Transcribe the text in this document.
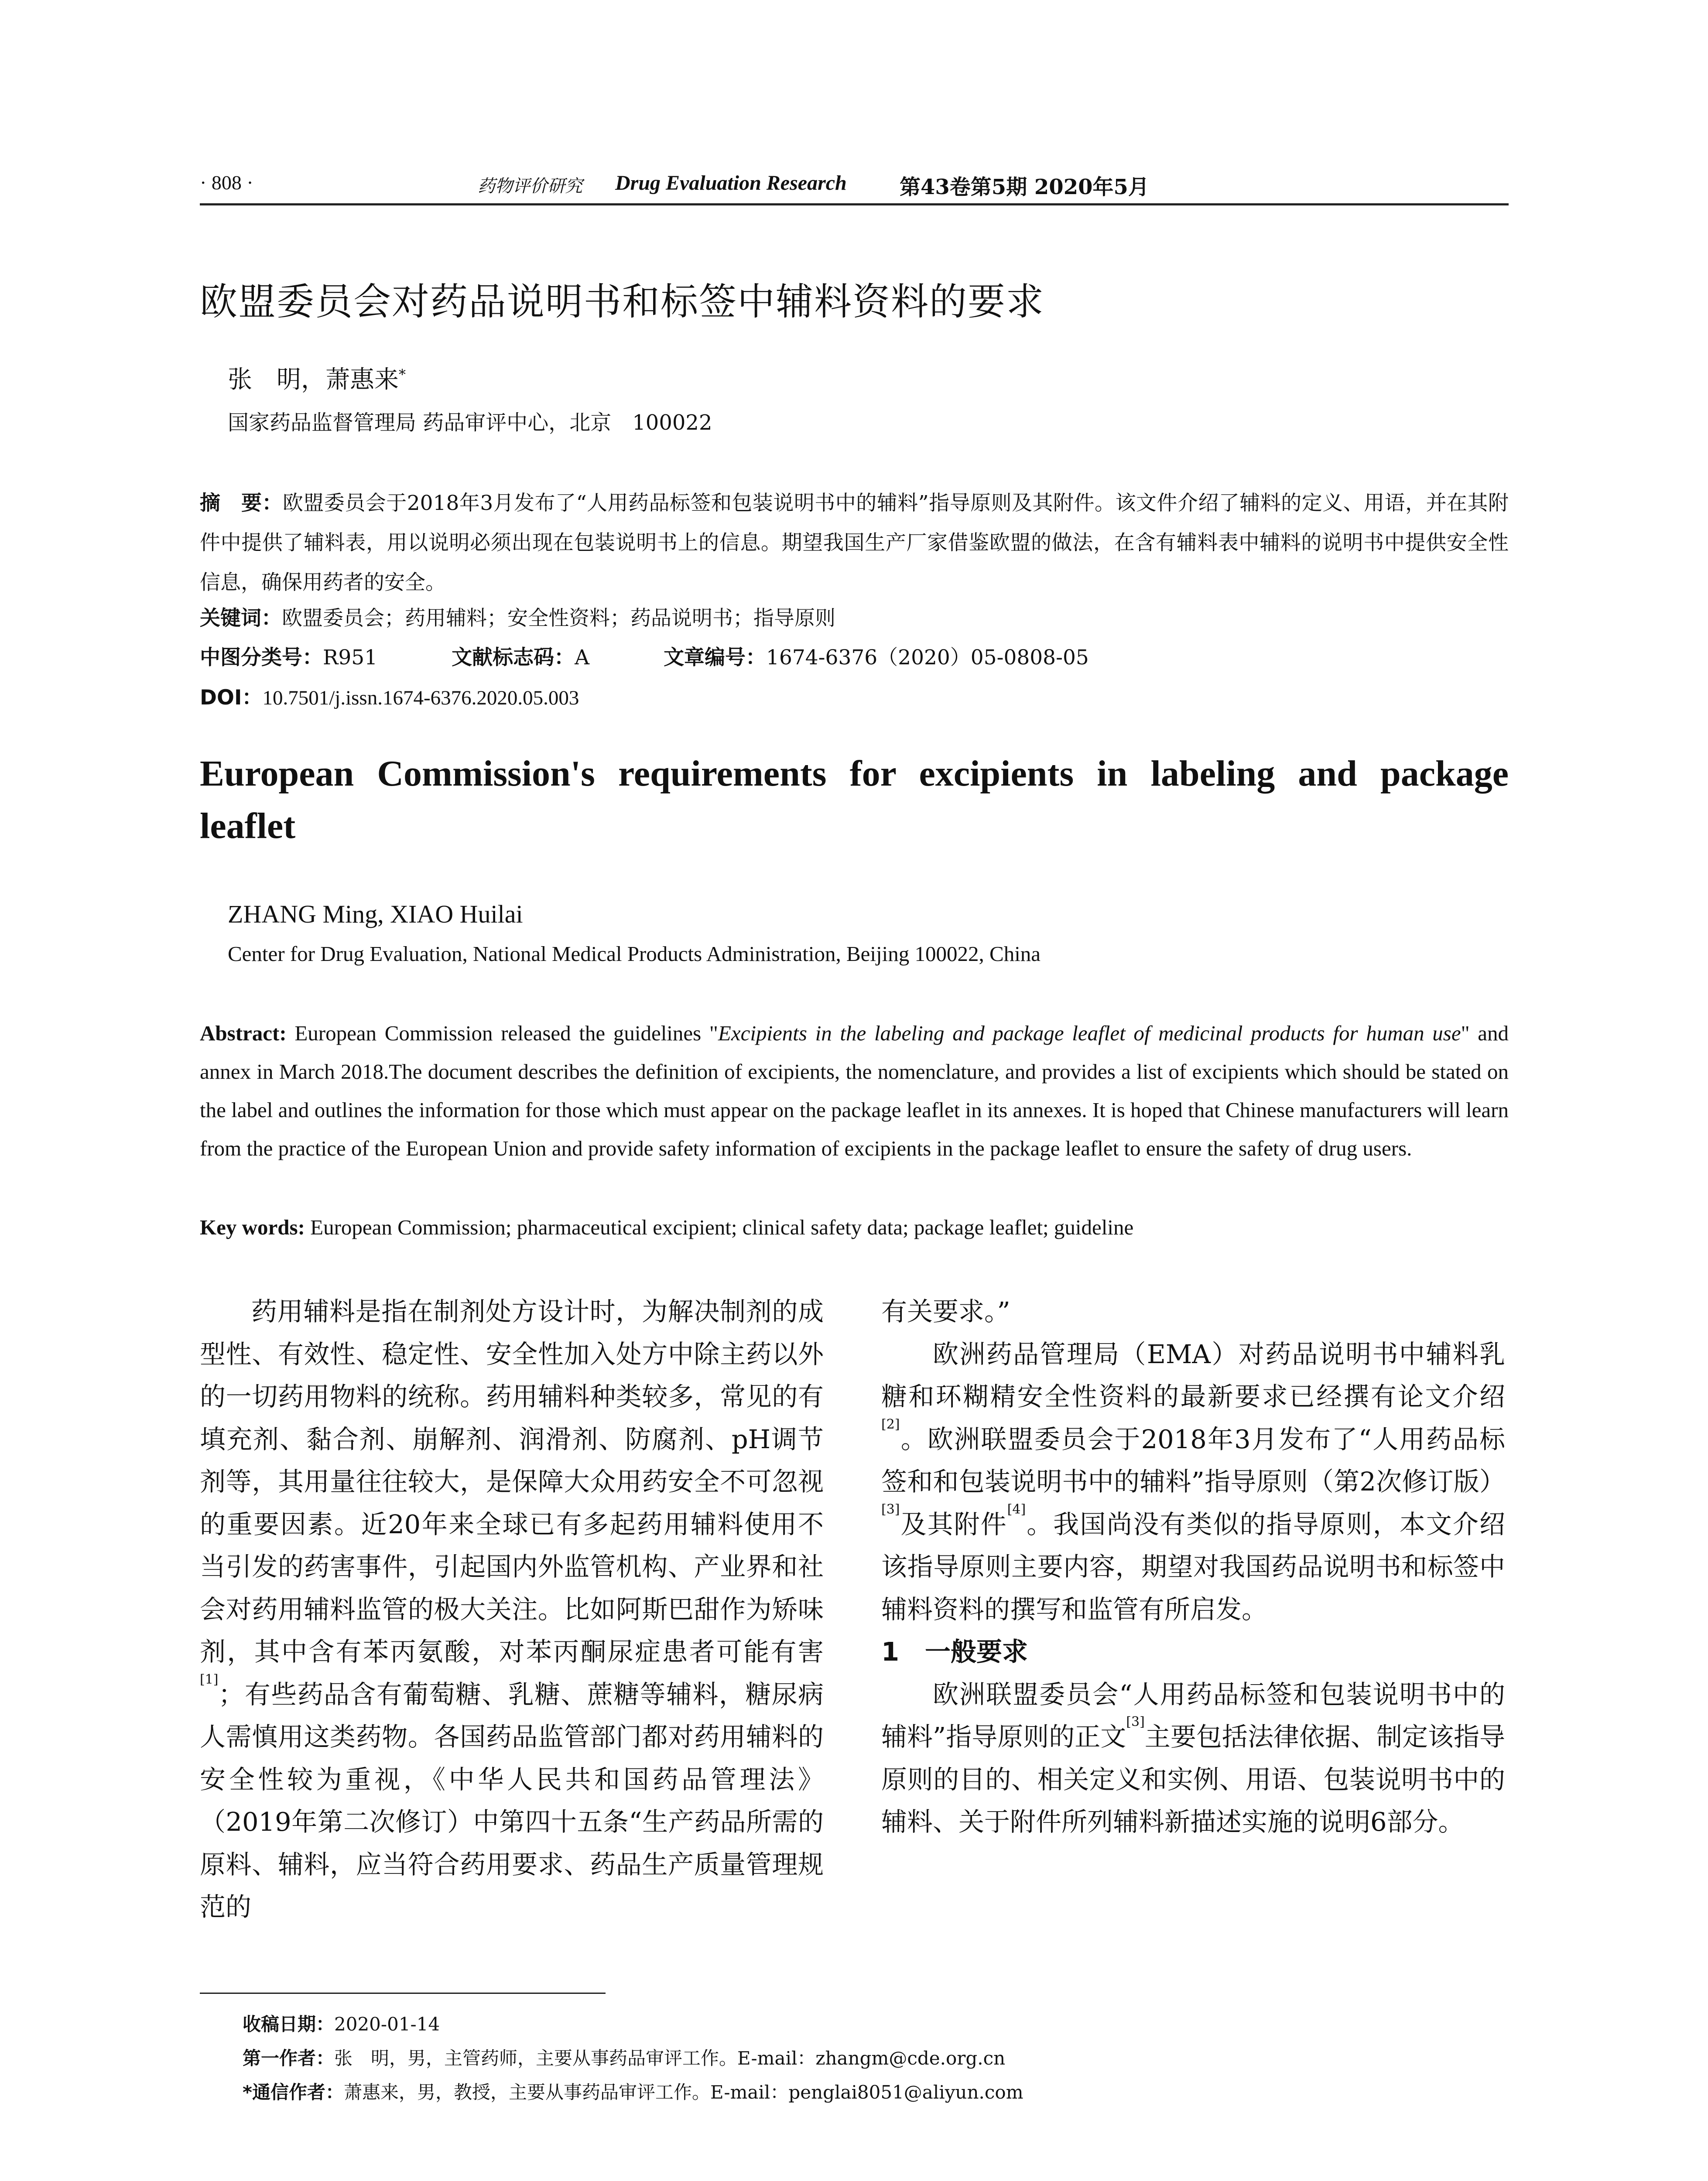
· 808 ·	药物评价研究 Drug Evaluation Research	第43卷第5期 2020年5月
欧盟委员会对药品说明书和标签中辅料资料的要求
张　明，萧惠来*
国家药品监督管理局 药品审评中心，北京　100022
摘　要：欧盟委员会于2018年3月发布了“人用药品标签和包装说明书中的辅料”指导原则及其附件。该文件介绍了辅料的定义、用语，并在其附件中提供了辅料表，用以说明必须出现在包装说明书上的信息。期望我国生产厂家借鉴欧盟的做法，在含有辅料表中辅料的说明书中提供安全性信息，确保用药者的安全。
关键词：欧盟委员会；药用辅料；安全性资料；药品说明书；指导原则
中图分类号：R951	文献标志码：A	文章编号：1674-6376（2020）05-0808-05
DOI：10.7501/j.issn.1674-6376.2020.05.003
European Commission's requirements for excipients in labeling and package leaflet
ZHANG Ming, XIAO Huilai
Center for Drug Evaluation, National Medical Products Administration, Beijing 100022, China
Abstract: European Commission released the guidelines "Excipients in the labeling and package leaflet of medicinal products for human use" and annex in March 2018.The document describes the definition of excipients, the nomenclature, and provides a list of excipients which should be stated on the label and outlines the information for those which must appear on the package leaflet in its annexes. It is hoped that Chinese manufacturers will learn from the practice of the European Union and provide safety information of excipients in the package leaflet to ensure the safety of drug users.
Key words: European Commission; pharmaceutical excipient; clinical safety data; package leaflet; guideline

药用辅料是指在制剂处方设计时，为解决制剂的成型性、有效性、稳定性、安全性加入处方中除主药以外的一切药用物料的统称。药用辅料种类较多，常见的有填充剂、黏合剂、崩解剂、润滑剂、防腐剂、pH调节剂等，其用量往往较大，是保障大众用药安全不可忽视的重要因素。近20年来全球已有多起药用辅料使用不当引发的药害事件，引起国内外监管机构、产业界和社会对药用辅料监管的极大关注。比如阿斯巴甜作为矫味剂，其中含有苯丙氨酸，对苯丙酮尿症患者可能有害[1]；有些药品含有葡萄糖、乳糖、蔗糖等辅料，糖尿病人需慎用这类药物。各国药品监管部门都对药用辅料的安全性较为重视，《中华人民共和国药品管理法》（2019年第二次修订）中第四十五条“生产药品所需的原料、辅料，应当符合药用要求、药品生产质量管理规范的

有关要求。”

欧洲药品管理局（EMA）对药品说明书中辅料乳糖和环糊精安全性资料的最新要求已经撰有论文介绍[2]。欧洲联盟委员会于2018年3月发布了“人用药品标签和和包装说明书中的辅料”指导原则（第2次修订版）[3]及其附件[4]。我国尚没有类似的指导原则，本文介绍该指导原则主要内容，期望对我国药品说明书和标签中辅料资料的撰写和监管有所启发。

1　一般要求

欧洲联盟委员会“人用药品标签和包装说明书中的辅料”指导原则的正文[3]主要包括法律依据、制定该指导原则的目的、相关定义和实例、用语、包装说明书中的辅料、关于附件所列辅料新描述实施的说明6部分。

收稿日期：2020-01-14
第一作者：张　明，男，主管药师，主要从事药品审评工作。E-mail：zhangm@cde.org.cn
*通信作者：萧惠来，男，教授，主要从事药品审评工作。E-mail：penglai8051@aliyun.com
